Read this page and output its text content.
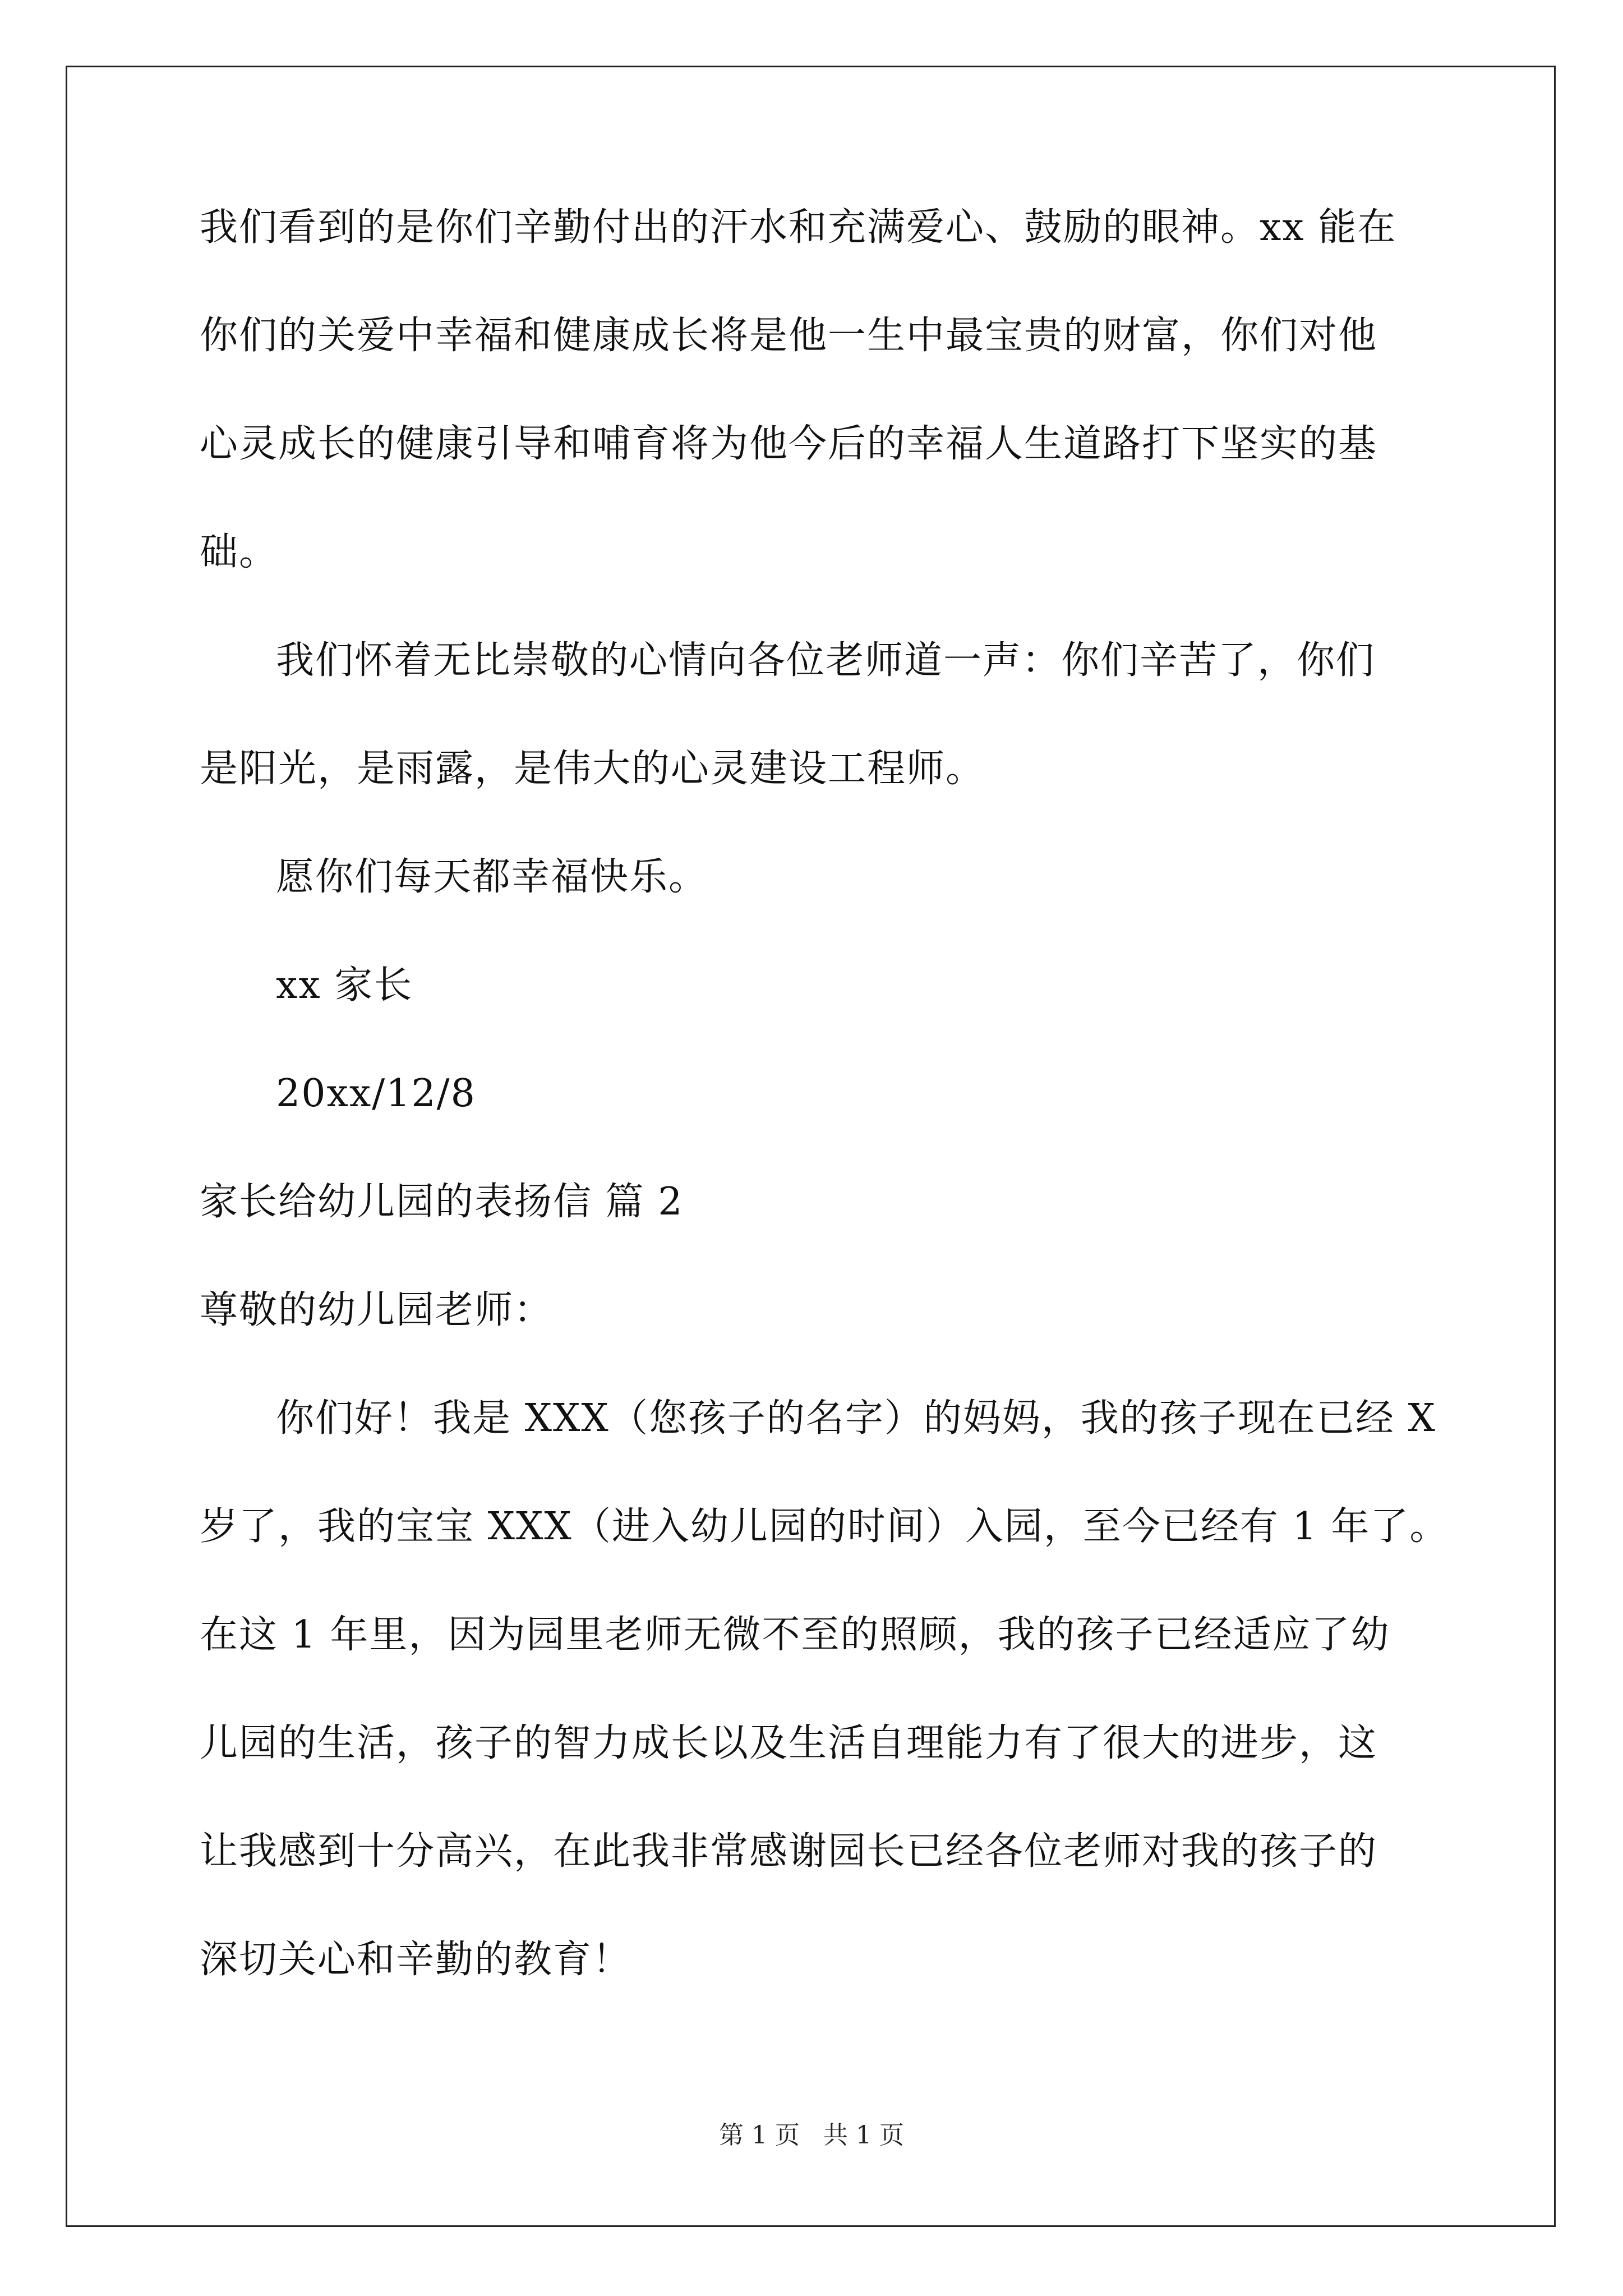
我们看到的是你们辛勤付出的汗水和充满爱心、鼓励的眼神。xx 能在
你们的关爱中幸福和健康成长将是他一生中最宝贵的财富，你们对他
心灵成长的健康引导和哺育将为他今后的幸福人生道路打下坚实的基
础。
我们怀着无比崇敬的心情向各位老师道一声：你们辛苦了，你们
是阳光，是雨露，是伟大的心灵建设工程师。
愿你们每天都幸福快乐。
xx 家长
20xx/12/8
家长给幼儿园的表扬信 篇 2
尊敬的幼儿园老师：
你们好！我是 XXX（您孩子的名字）的妈妈，我的孩子现在已经 X
岁了，我的宝宝 XXX（进入幼儿园的时间）入园，至今已经有 1 年了。
在这 1 年里，因为园里老师无微不至的照顾，我的孩子已经适应了幼
儿园的生活，孩子的智力成长以及生活自理能力有了很大的进步，这
让我感到十分高兴，在此我非常感谢园长已经各位老师对我的孩子的
深切关心和辛勤的教育！
第 1 页 共 1 页
